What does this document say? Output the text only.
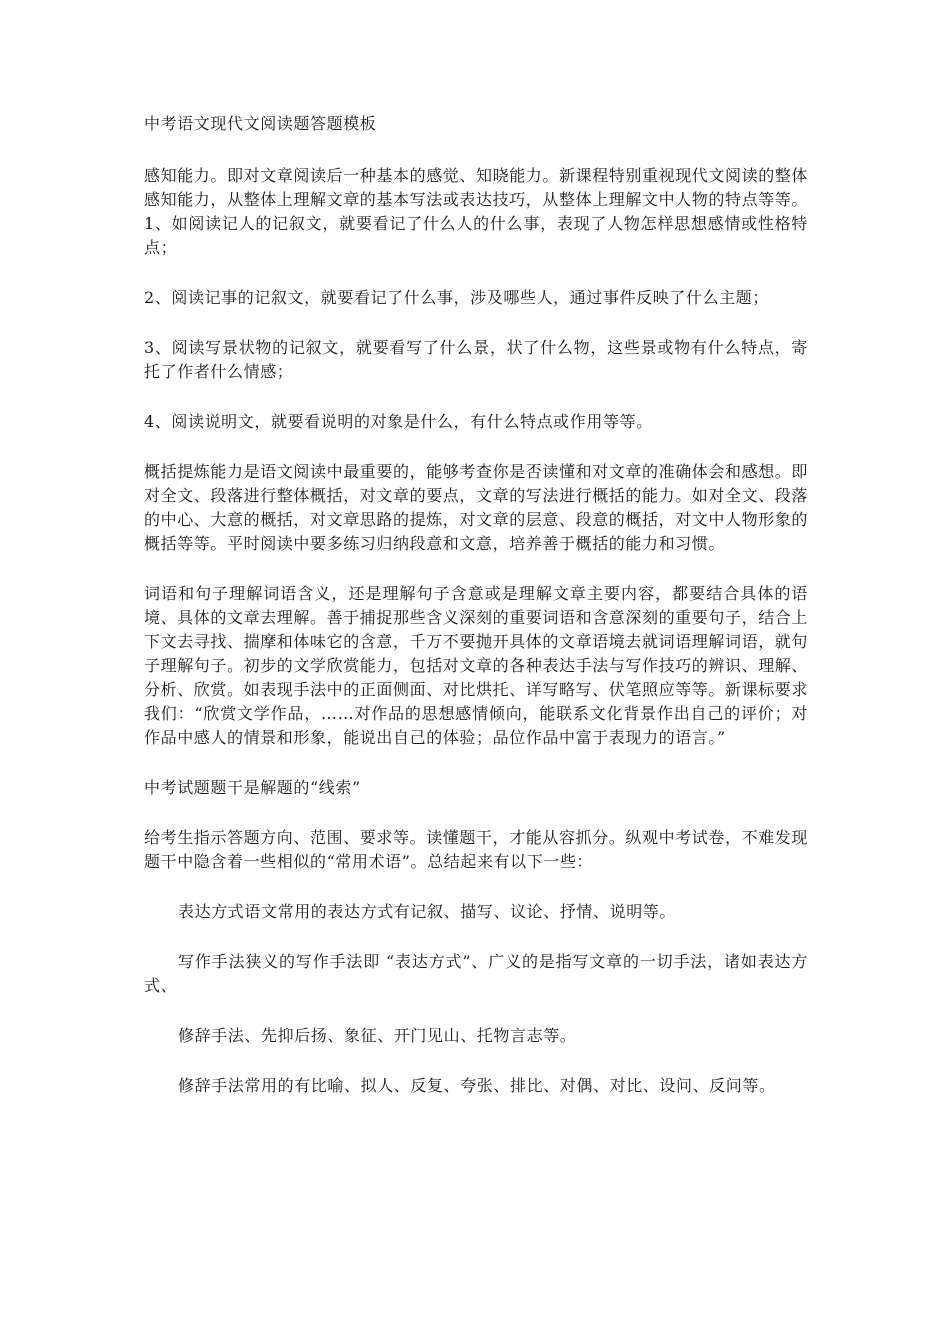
中考语文现代文阅读题答题模板

感知能力。即对文章阅读后一种基本的感觉、知晓能力。新课程特别重视现代文阅读的整体感知能力，从整体上理解文章的基本写法或表达技巧，从整体上理解文中人物的特点等等。1、如阅读记人的记叙文，就要看记了什么人的什么事，表现了人物怎样思想感情或性格特点；

2、阅读记事的记叙文，就要看记了什么事，涉及哪些人，通过事件反映了什么主题；

3、阅读写景状物的记叙文，就要看写了什么景，状了什么物，这些景或物有什么特点，寄托了作者什么情感；

4、阅读说明文，就要看说明的对象是什么，有什么特点或作用等等。

概括提炼能力是语文阅读中最重要的，能够考查你是否读懂和对文章的准确体会和感想。即对全文、段落进行整体概括，对文章的要点，文章的写法进行概括的能力。如对全文、段落的中心、大意的概括，对文章思路的提炼，对文章的层意、段意的概括，对文中人物形象的概括等等。平时阅读中要多练习归纳段意和文意，培养善于概括的能力和习惯。

词语和句子理解词语含义，还是理解句子含意或是理解文章主要内容，都要结合具体的语境、具体的文章去理解。善于捕捉那些含义深刻的重要词语和含意深刻的重要句子，结合上下文去寻找、揣摩和体味它的含意，千万不要抛开具体的文章语境去就词语理解词语，就句子理解句子。初步的文学欣赏能力，包括对文章的各种表达手法与写作技巧的辨识、理解、分析、欣赏。如表现手法中的正面侧面、对比烘托、详写略写、伏笔照应等等。新课标要求我们：“欣赏文学作品，……对作品的思想感情倾向，能联系文化背景作出自己的评价；对作品中感人的情景和形象，能说出自己的体验；品位作品中富于表现力的语言。”

中考试题题干是解题的“线索”

给考生指示答题方向、范围、要求等。读懂题干，才能从容抓分。纵观中考试卷，不难发现题干中隐含着一些相似的“常用术语”。总结起来有以下一些：

表达方式语文常用的表达方式有记叙、描写、议论、抒情、说明等。

写作手法狭义的写作手法即 “表达方式”、广义的是指写文章的一切手法，诸如表达方式、

修辞手法、先抑后扬、象征、开门见山、托物言志等。

修辞手法常用的有比喻、拟人、反复、夸张、排比、对偶、对比、设问、反问等。
